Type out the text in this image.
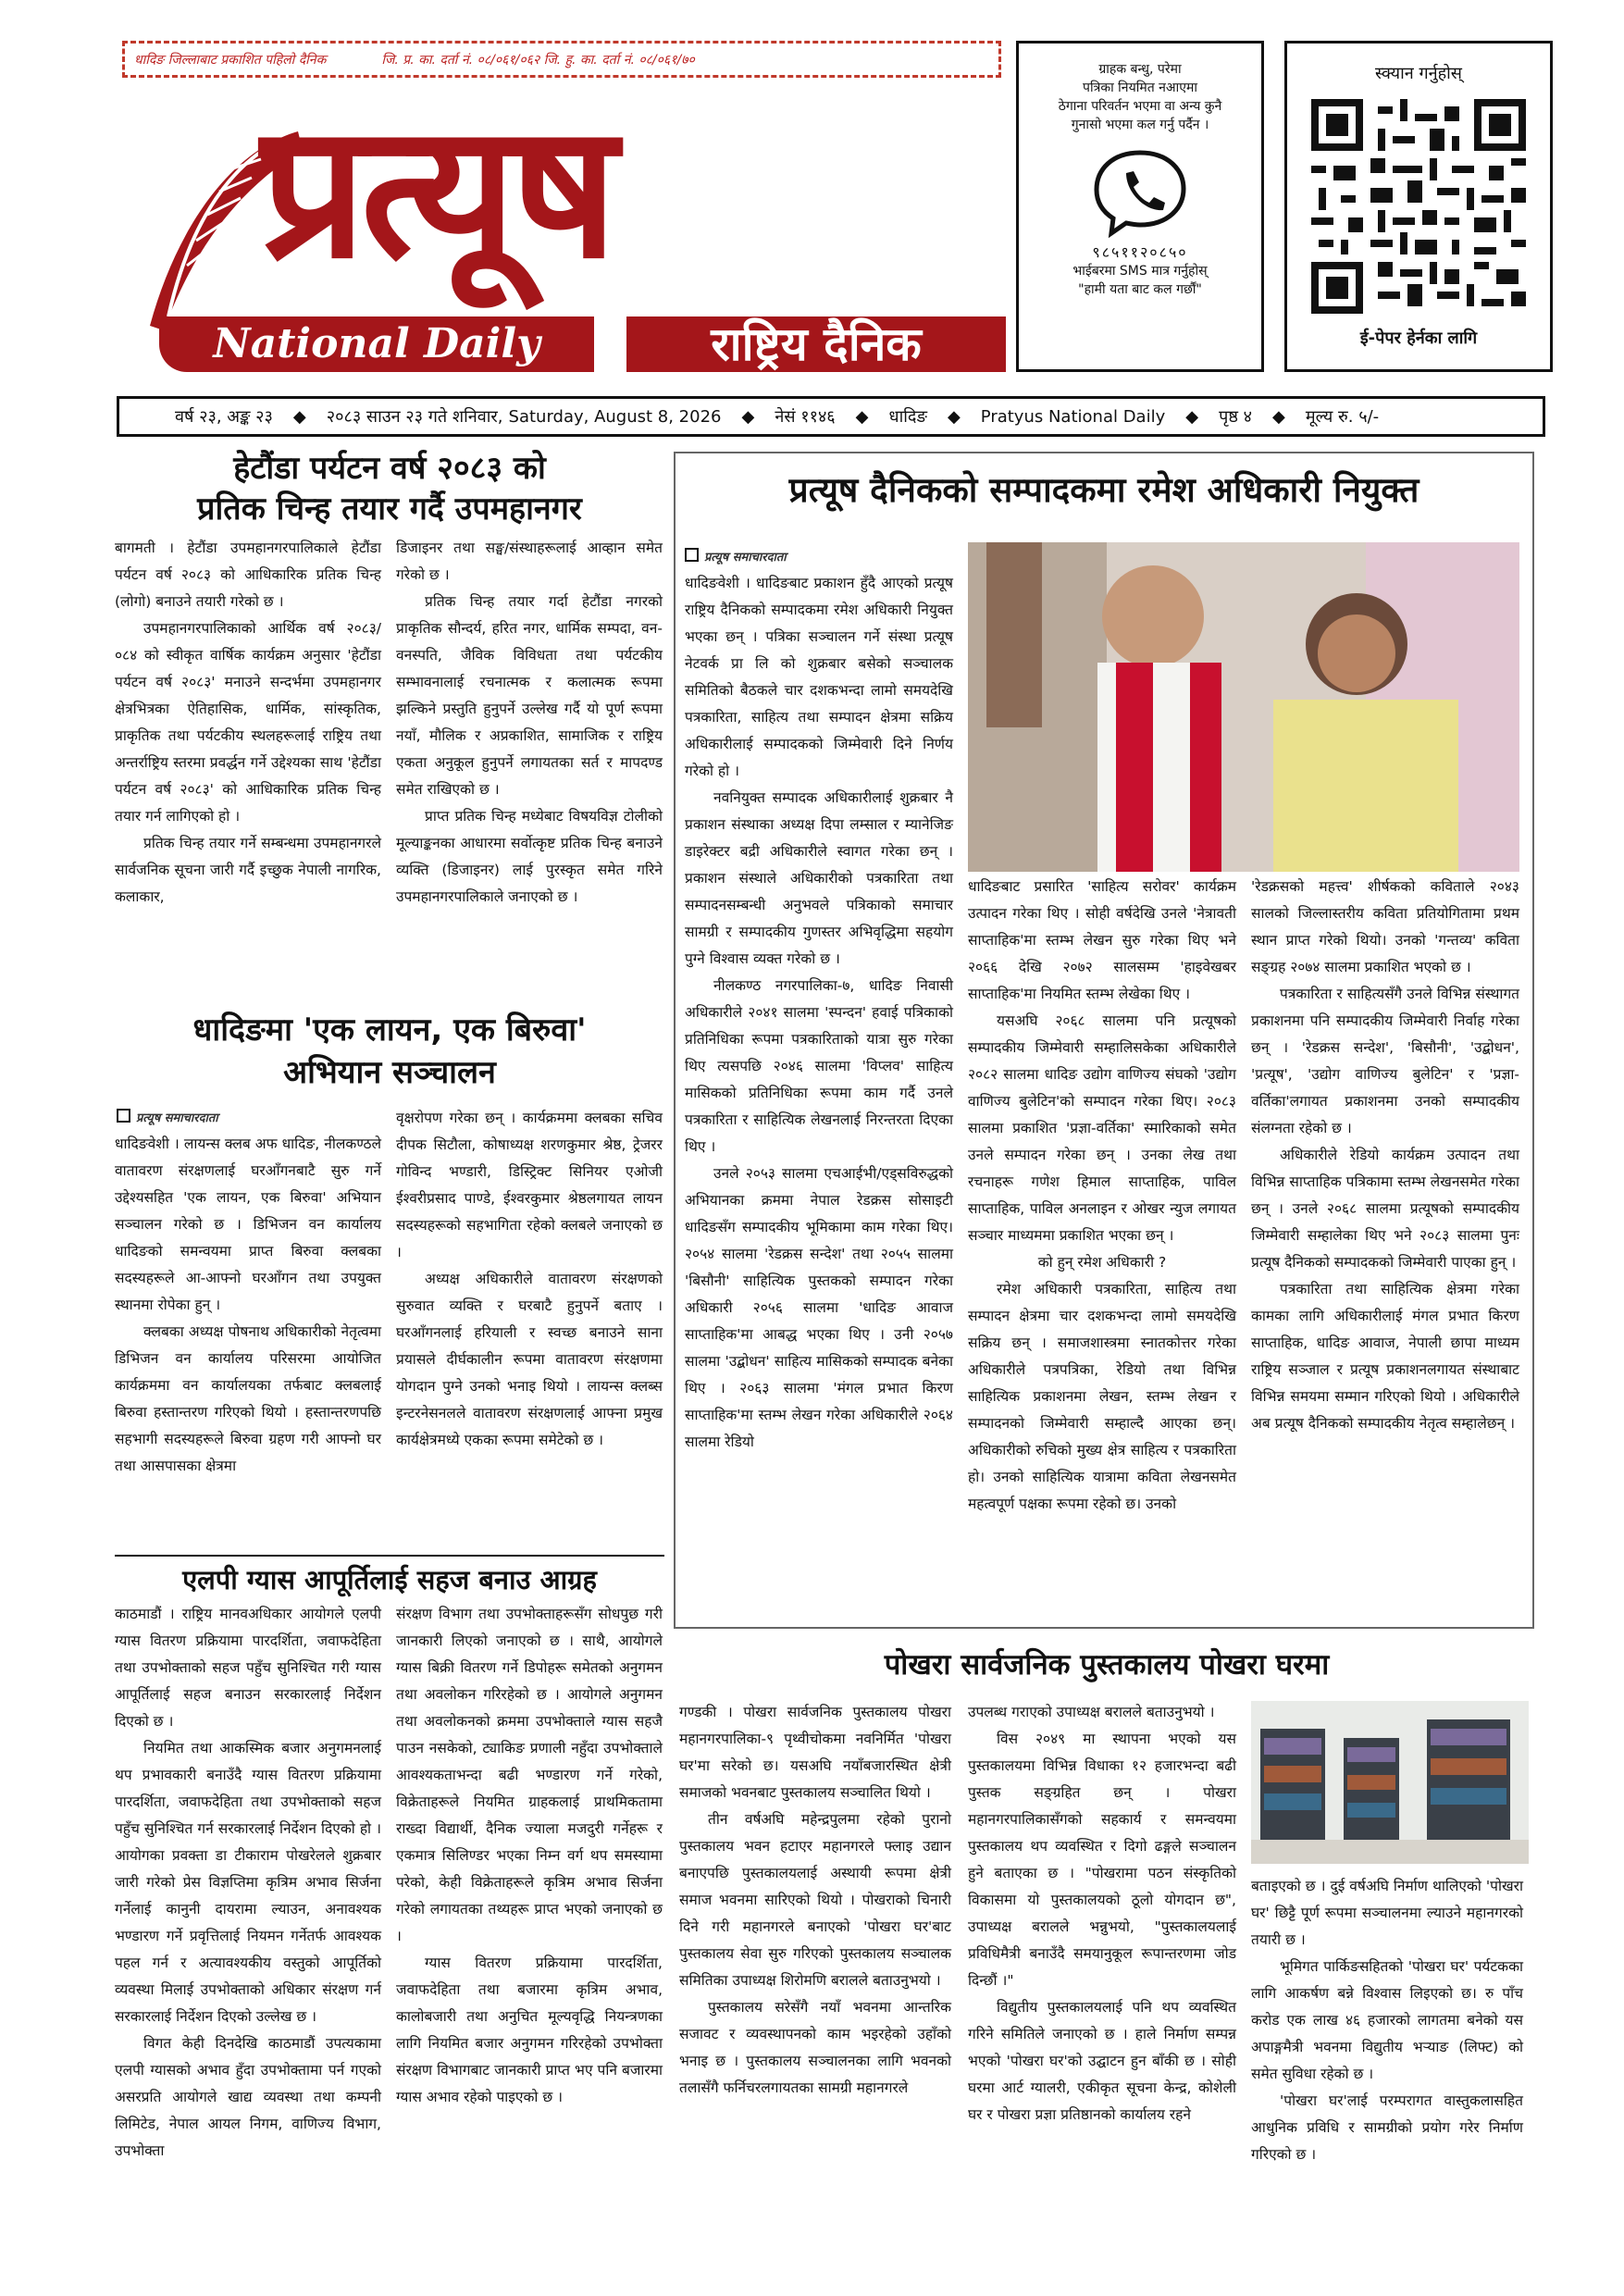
धादिङ जिल्लाबाट प्रकाशित पहिलो दैनिक	जि. प्र. का. दर्ता नं. ०८/०६१/०६२ जि. हु. का. दर्ता नं. ०८/०६१/७०
प्रत्यूष
National Daily	राष्ट्रिय दैनिक
ग्राहक बन्धु, परेमा
पत्रिका नियमित नआएमा
ठेगाना परिवर्तन भएमा वा अन्य कुनै
गुनासो भएमा कल गर्नु पर्दैन ।
९८५११२०८५०
भाईबरमा SMS मात्र गर्नुहोस्
"हामी यता बाट कल गर्छौं"
स्क्यान गर्नुहोस्
ई-पेपर हेर्नका लागि
वर्ष २३, अङ्क २३ ◆ २०८३ साउन २३ गते शनिवार, Saturday, August 8, 2026 ◆ नेसं ११४६ ◆ धादिङ ◆ Pratyus National Daily ◆ पृष्ठ ४ ◆ मूल्य रु. ५/-
हेटौंडा पर्यटन वर्ष २०८३ को
प्रतिक चिन्ह तयार गर्दै उपमहानगर

बागमती । हेटौंडा उपमहानगरपालिकाले हेटौंडा पर्यटन वर्ष २०८३ को आधिकारिक प्रतिक चिन्ह (लोगो) बनाउने तयारी गरेको छ ।

उपमहानगरपालिकाको आर्थिक वर्ष २०८३/ ०८४ को स्वीकृत वार्षिक कार्यक्रम अनुसार 'हेटौंडा पर्यटन वर्ष २०८३' मनाउने सन्दर्भमा उपमहानगर क्षेत्रभित्रका ऐतिहासिक, धार्मिक, सांस्कृतिक, प्राकृतिक तथा पर्यटकीय स्थलहरूलाई राष्ट्रिय तथा अन्तर्राष्ट्रिय स्तरमा प्रवर्द्धन गर्ने उद्देश्यका साथ 'हेटौंडा पर्यटन वर्ष २०८३' को आधिकारिक प्रतिक चिन्ह तयार गर्न लागिएको हो ।

प्रतिक चिन्ह तयार गर्ने सम्बन्धमा उपमहानगरले सार्वजनिक सूचना जारी गर्दै इच्छुक नेपाली नागरिक, कलाकार,

डिजाइनर तथा सङ्घ/संस्थाहरूलाई आव्हान समेत गरेको छ ।

प्रतिक चिन्ह तयार गर्दा हेटौंडा नगरको प्राकृतिक सौन्दर्य, हरित नगर, धार्मिक सम्पदा, वन-वनस्पति, जैविक विविधता तथा पर्यटकीय सम्भावनालाई रचनात्मक र कलात्मक रूपमा झल्किने प्रस्तुति हुनुपर्ने उल्लेख गर्दै यो पूर्ण रूपमा नयाँ, मौलिक र अप्रकाशित, सामाजिक र राष्ट्रिय एकता अनुकूल हुनुपर्ने लगायतका सर्त र मापदण्ड समेत राखिएको छ ।

प्राप्त प्रतिक चिन्ह मध्येबाट विषयविज्ञ टोलीको मूल्याङ्कनका आधारमा सर्वोत्कृष्ट प्रतिक चिन्ह बनाउने व्यक्ति (डिजाइनर) लाई पुरस्कृत समेत गरिने उपमहानगरपालिकाले जनाएको छ ।

धादिङमा 'एक लायन, एक बिरुवा'
अभियान सञ्चालन
प्रत्यूष समाचारदाता

धादिङवेशी । लायन्स क्लब अफ धादिङ, नीलकण्ठले वातावरण संरक्षणलाई घरआँगनबाटै सुरु गर्ने उद्देश्यसहित 'एक लायन, एक बिरुवा' अभियान सञ्चालन गरेको छ । डिभिजन वन कार्यालय धादिङको समन्वयमा प्राप्त बिरुवा क्लबका सदस्यहरूले आ-आफ्नो घरआँगन तथा उपयुक्त स्थानमा रोपेका हुन् ।

क्लबका अध्यक्ष पोषनाथ अधिकारीको नेतृत्वमा डिभिजन वन कार्यालय परिसरमा आयोजित कार्यक्रममा वन कार्यालयका तर्फबाट क्लबलाई बिरुवा हस्तान्तरण गरिएको थियो । हस्तान्तरणपछि सहभागी सदस्यहरूले बिरुवा ग्रहण गरी आफ्नो घर तथा आसपासका क्षेत्रमा

वृक्षरोपण गरेका छन् । कार्यक्रममा क्लबका सचिव दीपक सिटौला, कोषाध्यक्ष शरणकुमार श्रेष्ठ, ट्रेजरर गोविन्द भण्डारी, डिस्ट्रिक्ट सिनियर एओजी ईश्वरीप्रसाद पाण्डे, ईश्वरकुमार श्रेष्ठलगायत लायन सदस्यहरूको सहभागिता रहेको क्लबले जनाएको छ ।

अध्यक्ष अधिकारीले वातावरण संरक्षणको सुरुवात व्यक्ति र घरबाटै हुनुपर्ने बताए । घरआँगनलाई हरियाली र स्वच्छ बनाउने साना प्रयासले दीर्घकालीन रूपमा वातावरण संरक्षणमा योगदान पुग्ने उनको भनाइ थियो । लायन्स क्लब्स इन्टरनेसनलले वातावरण संरक्षणलाई आफ्ना प्रमुख कार्यक्षेत्रमध्ये एकका रूपमा समेटेको छ ।

एलपी ग्यास आपूर्तिलाई सहज बनाउ आग्रह

काठमाडौं । राष्ट्रिय मानवअधिकार आयोगले एलपी ग्यास वितरण प्रक्रियामा पारदर्शिता, जवाफदेहिता तथा उपभोक्ताको सहज पहुँच सुनिश्चित गरी ग्यास आपूर्तिलाई सहज बनाउन सरकारलाई निर्देशन दिएको छ ।

नियमित तथा आकस्मिक बजार अनुगमनलाई थप प्रभावकारी बनाउँदै ग्यास वितरण प्रक्रियामा पारदर्शिता, जवाफदेहिता तथा उपभोक्ताको सहज पहुँच सुनिश्चित गर्न सरकारलाई निर्देशन दिएको हो । आयोगका प्रवक्ता डा टीकाराम पोखरेलले शुक्रबार जारी गरेको प्रेस विज्ञप्तिमा कृत्रिम अभाव सिर्जना गर्नेलाई कानुनी दायरामा ल्याउन, अनावश्यक भण्डारण गर्ने प्रवृत्तिलाई नियमन गर्नेतर्फ आवश्यक पहल गर्न र अत्यावश्यकीय वस्तुको आपूर्तिको व्यवस्था मिलाई उपभोक्ताको अधिकार संरक्षण गर्न सरकारलाई निर्देशन दिएको उल्लेख छ ।

विगत केही दिनदेखि काठमाडौं उपत्यकामा एलपी ग्यासको अभाव हुँदा उपभोक्तामा पर्न गएको असरप्रति आयोगले खाद्य व्यवस्था तथा कम्पनी लिमिटेड, नेपाल आयल निगम, वाणिज्य विभाग, उपभोक्ता

संरक्षण विभाग तथा उपभोक्ताहरूसँग सोधपुछ गरी जानकारी लिएको जनाएको छ । साथै, आयोगले ग्यास बिक्री वितरण गर्ने डिपोहरू समेतको अनुगमन तथा अवलोकन गरिरहेको छ । आयोगले अनुगमन तथा अवलोकनको क्रममा उपभोक्ताले ग्यास सहजै पाउन नसकेको, ट्याकिङ प्रणाली नहुँदा उपभोक्ताले आवश्यकताभन्दा बढी भण्डारण गर्ने गरेको, विक्रेताहरूले नियमित ग्राहकलाई प्राथमिकतामा राख्दा विद्यार्थी, दैनिक ज्याला मजदुरी गर्नेहरू र एकमात्र सिलिण्डर भएका निम्न वर्ग थप समस्यामा परेको, केही विक्रेताहरूले कृत्रिम अभाव सिर्जना गरेको लगायतका तथ्यहरू प्राप्त भएको जनाएको छ ।

ग्यास वितरण प्रक्रियामा पारदर्शिता, जवाफदेहिता तथा बजारमा कृत्रिम अभाव, कालोबजारी तथा अनुचित मूल्यवृद्धि नियन्त्रणका लागि नियमित बजार अनुगमन गरिरहेको उपभोक्ता संरक्षण विभागबाट जानकारी प्राप्त भए पनि बजारमा ग्यास अभाव रहेको पाइएको छ ।

प्रत्यूष दैनिकको सम्पादकमा रमेश अधिकारी नियुक्त
प्रत्यूष समाचारदाता

धादिङवेशी । धादिङबाट प्रकाशन हुँदै आएको प्रत्यूष राष्ट्रिय दैनिकको सम्पादकमा रमेश अधिकारी नियुक्त भएका छन् । पत्रिका सञ्चालन गर्ने संस्था प्रत्यूष नेटवर्क प्रा लि को शुक्रबार बसेको सञ्चालक समितिको बैठकले चार दशकभन्दा लामो समयदेखि पत्रकारिता, साहित्य तथा सम्पादन क्षेत्रमा सक्रिय अधिकारीलाई सम्पादकको जिम्मेवारी दिने निर्णय गरेको हो ।

नवनियुक्त सम्पादक अधिकारीलाई शुक्रबार नै प्रकाशन संस्थाका अध्यक्ष दिपा लम्साल र म्यानेजिङ डाइरेक्टर बद्री अधिकारीले स्वागत गरेका छन् । प्रकाशन संस्थाले अधिकारीको पत्रकारिता तथा सम्पादनसम्बन्धी अनुभवले पत्रिकाको समाचार सामग्री र सम्पादकीय गुणस्तर अभिवृद्धिमा सहयोग पुग्ने विश्वास व्यक्त गरेको छ ।

नीलकण्ठ नगरपालिका-७, धादिङ निवासी अधिकारीले २०४१ सालमा 'स्पन्दन' हवाई पत्रिकाको प्रतिनिधिका रूपमा पत्रकारिताको यात्रा सुरु गरेका थिए त्यसपछि २०४६ सालमा 'विप्लव' साहित्य मासिकको प्रतिनिधिका रूपमा काम गर्दै उनले पत्रकारिता र साहित्यिक लेखनलाई निरन्तरता दिएका थिए ।

उनले २०५३ सालमा एचआईभी/एड्सविरुद्धको अभियानका क्रममा नेपाल रेडक्रस सोसाइटी धादिङसँग सम्पादकीय भूमिकामा काम गरेका थिए। २०५४ सालमा 'रेडक्रस सन्देश' तथा २०५५ सालमा 'बिसौनी' साहित्यिक पुस्तकको सम्पादन गरेका अधिकारी २०५६ सालमा 'धादिङ आवाज साप्ताहिक'मा आबद्ध भएका थिए । उनी २०५७ सालमा 'उद्बोधन' साहित्य मासिकको सम्पादक बनेका थिए । २०६३ सालमा 'मंगल प्रभात किरण साप्ताहिक'मा स्तम्भ लेखन गरेका अधिकारीले २०६४ सालमा रेडियो

धादिङबाट प्रसारित 'साहित्य सरोवर' कार्यक्रम उत्पादन गरेका थिए । सोही वर्षदेखि उनले 'नेत्रावती साप्ताहिक'मा स्तम्भ लेखन सुरु गरेका थिए भने २०६६ देखि २०७२ सालसम्म 'हाइवेखबर साप्ताहिक'मा नियमित स्तम्भ लेखेका थिए ।

यसअघि २०६८ सालमा पनि प्रत्यूषको सम्पादकीय जिम्मेवारी सम्हालिसकेका अधिकारीले २०८२ सालमा धादिङ उद्योग वाणिज्य संघको 'उद्योग वाणिज्य बुलेटिन'को सम्पादन गरेका थिए। २०८३ सालमा प्रकाशित 'प्रज्ञा-वर्तिका' स्मारिकाको समेत उनले सम्पादन गरेका छन् । उनका लेख तथा रचनाहरू गणेश हिमाल साप्ताहिक, पाविल साप्ताहिक, पाविल अनलाइन र ओखर न्युज लगायत सञ्चार माध्यममा प्रकाशित भएका छन् ।

को हुन् रमेश अधिकारी ?

रमेश अधिकारी पत्रकारिता, साहित्य तथा सम्पादन क्षेत्रमा चार दशकभन्दा लामो समयदेखि सक्रिय छन् । समाजशास्त्रमा स्नातकोत्तर गरेका अधिकारीले पत्रपत्रिका, रेडियो तथा विभिन्न साहित्यिक प्रकाशनमा लेखन, स्तम्भ लेखन र सम्पादनको जिम्मेवारी सम्हाल्दै आएका छन्। अधिकारीको रुचिको मुख्य क्षेत्र साहित्य र पत्रकारिता हो। उनको साहित्यिक यात्रामा कविता लेखनसमेत महत्वपूर्ण पक्षका रूपमा रहेको छ। उनको

'रेडक्रसको महत्त्व' शीर्षकको कविताले २०४३ सालको जिल्लास्तरीय कविता प्रतियोगितामा प्रथम स्थान प्राप्त गरेको थियो। उनको 'गन्तव्य' कविता सङ्ग्रह २०७४ सालमा प्रकाशित भएको छ ।

पत्रकारिता र साहित्यसँगै उनले विभिन्न संस्थागत प्रकाशनमा पनि सम्पादकीय जिम्मेवारी निर्वाह गरेका छन् । 'रेडक्रस सन्देश', 'बिसौनी', 'उद्बोधन', 'प्रत्यूष', 'उद्योग वाणिज्य बुलेटिन' र 'प्रज्ञा-वर्तिका'लगायत प्रकाशनमा उनको सम्पादकीय संलग्नता रहेको छ ।

अधिकारीले रेडियो कार्यक्रम उत्पादन तथा विभिन्न साप्ताहिक पत्रिकामा स्तम्भ लेखनसमेत गरेका छन् । उनले २०६८ सालमा प्रत्यूषको सम्पादकीय जिम्मेवारी सम्हालेका थिए भने २०८३ सालमा पुनः प्रत्यूष दैनिकको सम्पादकको जिम्मेवारी पाएका हुन् ।

पत्रकारिता तथा साहित्यिक क्षेत्रमा गरेका कामका लागि अधिकारीलाई मंगल प्रभात किरण साप्ताहिक, धादिङ आवाज, नेपाली छापा माध्यम राष्ट्रिय सञ्जाल र प्रत्यूष प्रकाशनलगायत संस्थाबाट विभिन्न समयमा सम्मान गरिएको थियो । अधिकारीले अब प्रत्यूष दैनिकको सम्पादकीय नेतृत्व सम्हालेछन् ।

पोखरा सार्वजनिक पुस्तकालय पोखरा घरमा

गण्डकी । पोखरा सार्वजनिक पुस्तकालय पोखरा महानगरपालिका-९ पृथ्वीचोकमा नवनिर्मित 'पोखरा घर'मा सरेको छ। यसअघि नयाँबजारस्थित क्षेत्री समाजको भवनबाट पुस्तकालय सञ्चालित थियो ।

तीन वर्षअघि महेन्द्रपुलमा रहेको पुरानो पुस्तकालय भवन हटाएर महानगरले फ्लाइ उद्यान बनाएपछि पुस्तकालयलाई अस्थायी रूपमा क्षेत्री समाज भवनमा सारिएको थियो । पोखराको चिनारी दिने गरी महानगरले बनाएको 'पोखरा घर'बाट पुस्तकालय सेवा सुरु गरिएको पुस्तकालय सञ्चालक समितिका उपाध्यक्ष शिरोमणि बरालले बताउनुभयो ।

पुस्तकालय सरेसँगै नयाँ भवनमा आन्तरिक सजावट र व्यवस्थापनको काम भइरहेको उहाँको भनाइ छ । पुस्तकालय सञ्चालनका लागि भवनको तलासँगै फर्निचरलगायतका सामग्री महानगरले

उपलब्ध गराएको उपाध्यक्ष बरालले बताउनुभयो ।

विस २०४९ मा स्थापना भएको यस पुस्तकालयमा विभिन्न विधाका १२ हजारभन्दा बढी पुस्तक सङ्ग्रहित छन् । पोखरा महानगरपालिकासँगको सहकार्य र समन्वयमा पुस्तकालय थप व्यवस्थित र दिगो ढङ्गले सञ्चालन हुने बताएका छ । "पोखरामा पठन संस्कृतिको विकासमा यो पुस्तकालयको ठूलो योगदान छ", उपाध्यक्ष बरालले भन्नुभयो, "पुस्तकालयलाई प्रविधिमैत्री बनाउँदै समयानुकूल रूपान्तरणमा जोड दिन्छौं ।"

विद्युतीय पुस्तकालयलाई पनि थप व्यवस्थित गरिने समितिले जनाएको छ । हाले निर्माण सम्पन्न भएको 'पोखरा घर'को उद्घाटन हुन बाँकी छ । सोही घरमा आर्ट ग्यालरी, एकीकृत सूचना केन्द्र, कोशेली घर र पोखरा प्रज्ञा प्रतिष्ठानको कार्यालय रहने

बताइएको छ । दुई वर्षअघि निर्माण थालिएको 'पोखरा घर' छिट्टै पूर्ण रूपमा सञ्चालनमा ल्याउने महानगरको तयारी छ ।

भूमिगत पार्किङसहितको 'पोखरा घर' पर्यटकका लागि आकर्षण बन्ने विश्वास लिइएको छ। रु पाँच करोड एक लाख ४६ हजारको लागतमा बनेको यस अपाङ्गमैत्री भवनमा विद्युतीय भऱ्याङ (लिफ्ट) को समेत सुविधा रहेको छ ।

'पोखरा घर'लाई परम्परागत वास्तुकलासहित आधुनिक प्रविधि र सामग्रीको प्रयोग गरेर निर्माण गरिएको छ ।
